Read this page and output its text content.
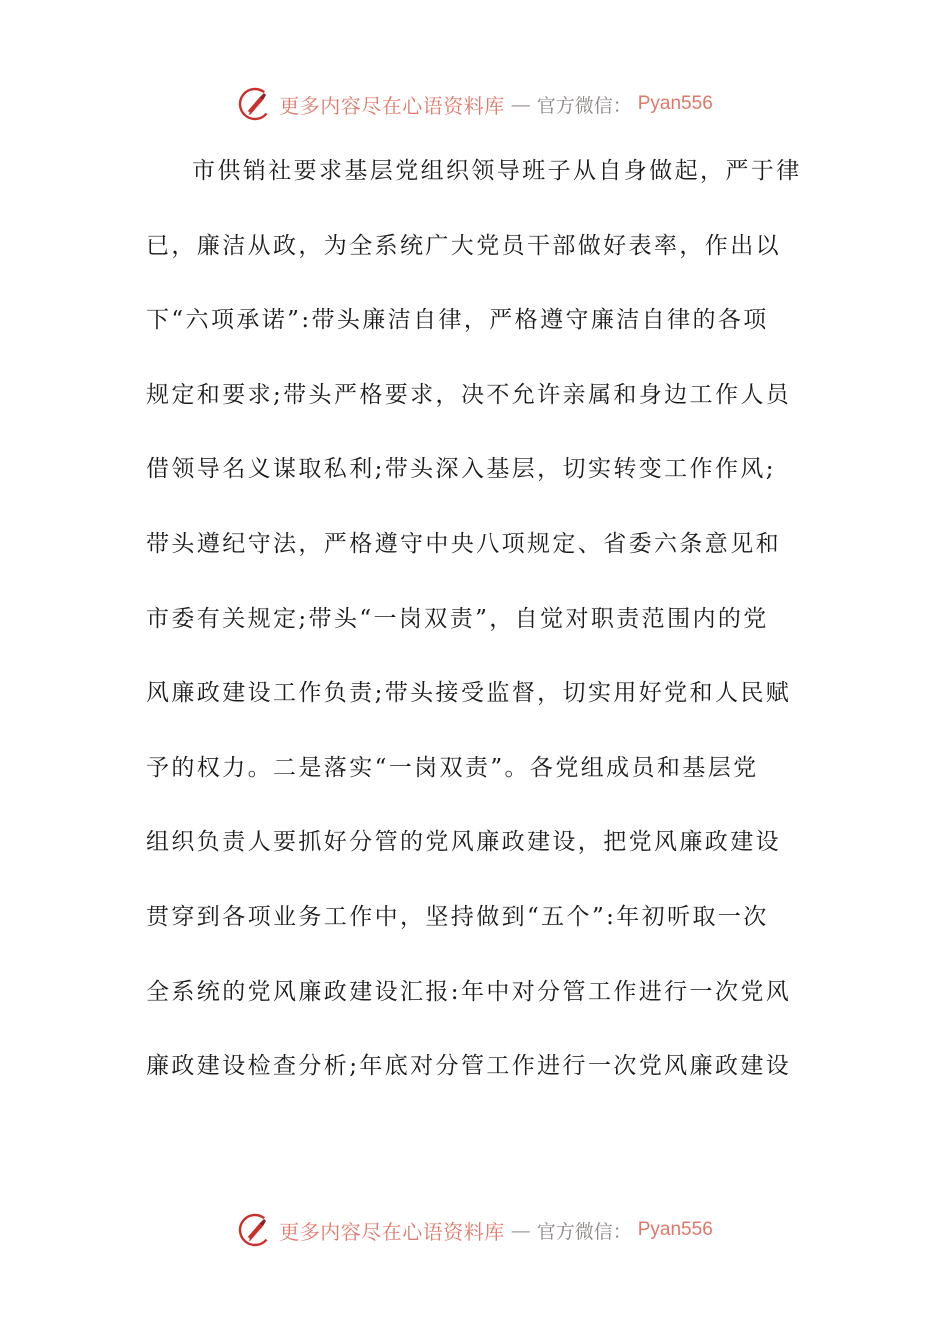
更多内容尽在心语资料库 — 官方微信： Pyan556
市供销社要求基层党组织领导班子从自身做起，严于律
已，廉洁从政，为全系统广大党员干部做好表率，作出以
下“六项承诺”:带头廉洁自律，严格遵守廉洁自律的各项
规定和要求;带头严格要求，决不允许亲属和身边工作人员
借领导名义谋取私利;带头深入基层，切实转变工作作风;
带头遵纪守法，严格遵守中央八项规定、省委六条意见和
市委有关规定;带头“一岗双责”，自觉对职责范围内的党
风廉政建设工作负责;带头接受监督，切实用好党和人民赋
予的权力。二是落实“一岗双责”。各党组成员和基层党
组织负责人要抓好分管的党风廉政建设，把党风廉政建设
贯穿到各项业务工作中，坚持做到“五个”:年初听取一次
全系统的党风廉政建设汇报:年中对分管工作进行一次党风
廉政建设检查分析;年底对分管工作进行一次党风廉政建设
更多内容尽在心语资料库 — 官方微信： Pyan556
